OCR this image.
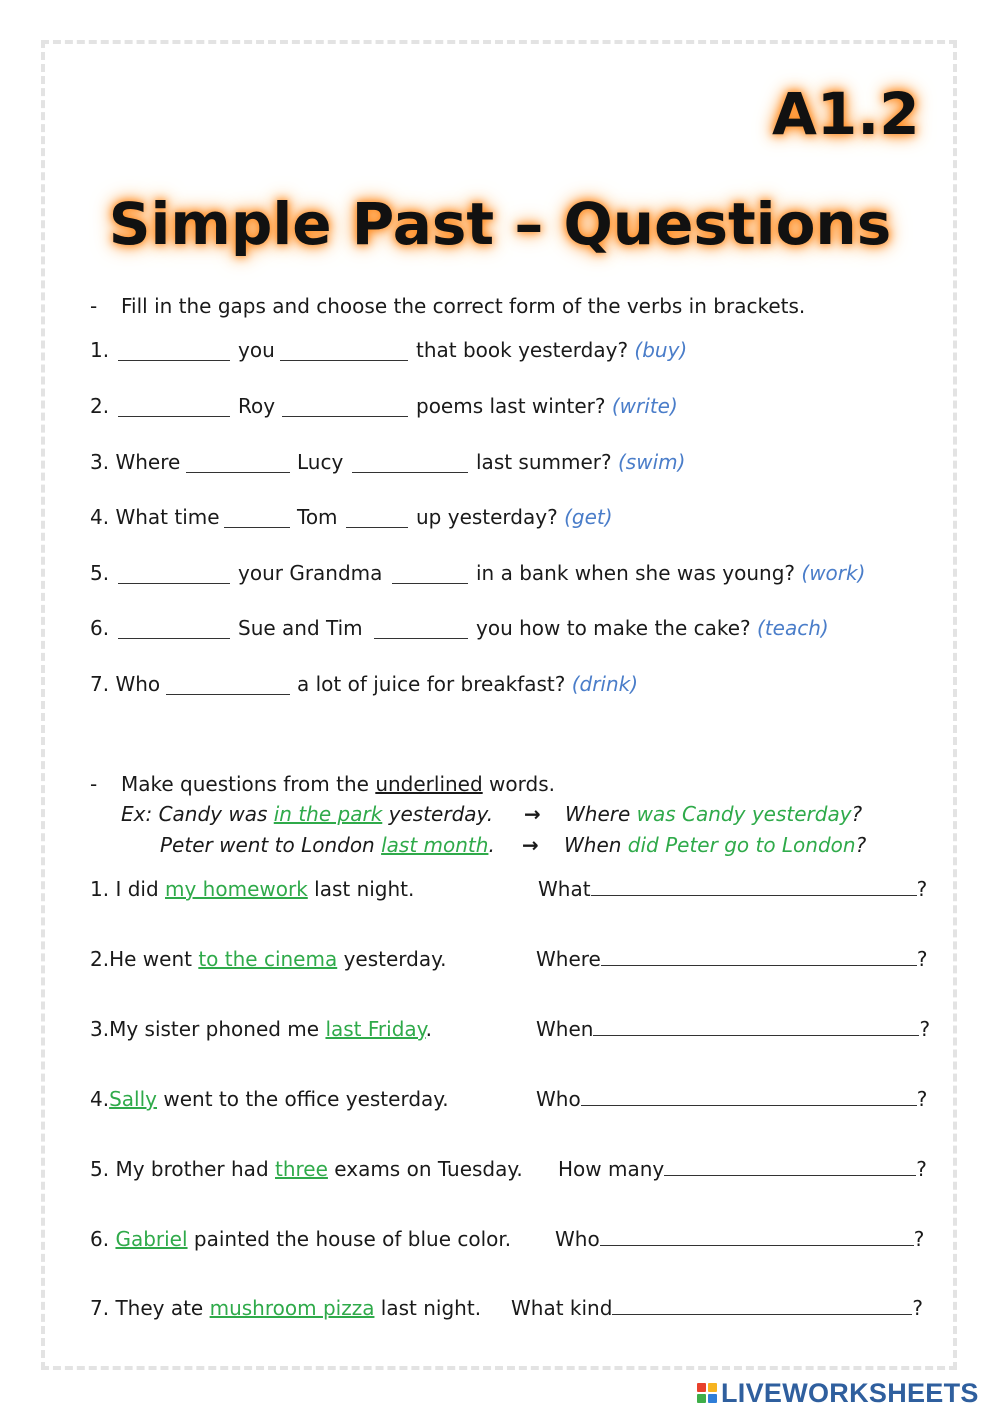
A1.2
Simple Past – Questions
- Fill in the gaps and choose the correct form of the verbs in brackets.
1.	you	that book yesterday? (buy)
2.	Roy	poems last winter? (write)
3. Where	Lucy	last summer? (swim)
4. What time	Tom	up yesterday? (get)
5.	your Grandma	in a bank when she was young? (work)
6.	Sue and Tim	you how to make the cake? (teach)
7. Who	a lot of juice for breakfast? (drink)
- Make questions from the underlined words.
Ex: Candy was in the park yesterday. → Where was Candy yesterday?
Peter went to London last month. → When did Peter go to London?
1. I did my homework last night.	What	?
2.He went to the cinema yesterday.	Where	?
3.My sister phoned me last Friday.	When	?
4.Sally went to the office yesterday.	Who	?
5. My brother had three exams on Tuesday. How many	?
6. Gabriel painted the house of blue color. Who	?
7. They ate mushroom pizza last night. What kind	?
LIVEWORKSHEETS
